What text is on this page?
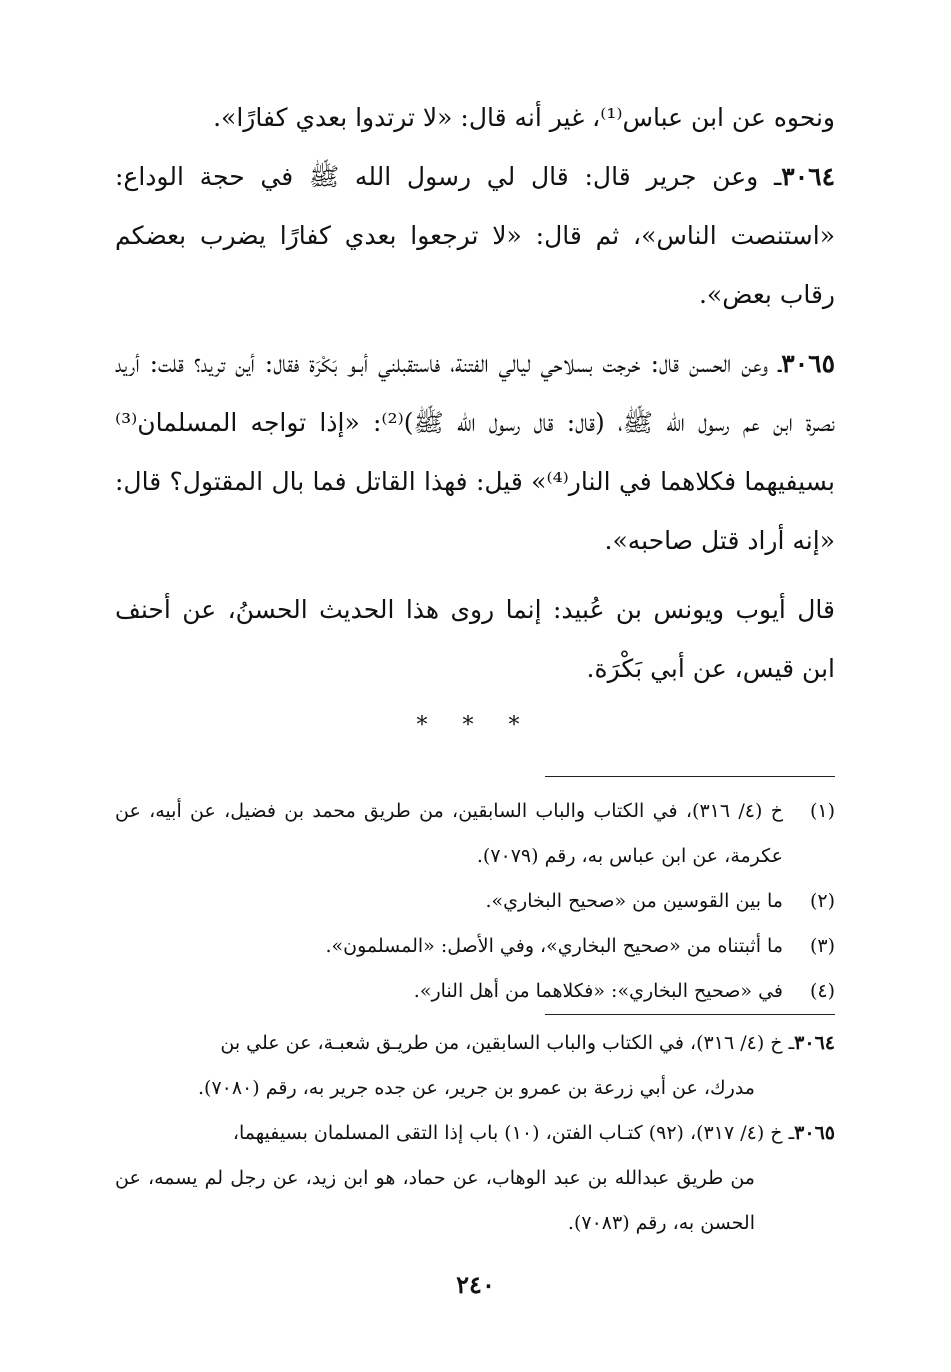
ونحوه عن ابن عباس⁽¹⁾، غير أنه قال: «لا ترتدوا بعدي كفارًا».

٣٠٦٤ـ وعن جرير قال: قال لي رسول الله ﷺ في حجة الوداع: «استنصت الناس»، ثم قال: «لا ترجعوا بعدي كفارًا يضرب بعضكم رقاب بعض».

٣٠٦٥ـ وعن الحسن قال: خرجت بسلاحي ليالي الفتنة، فاستقبلني أبـو بَكْرَة فقال: أين تريد؟ قلت: أريد نصرة ابن عم رسول الله ﷺ، (قال: قال رسول الله ﷺ)⁽²⁾: «إذا تواجه المسلمان⁽³⁾ بسيفيهما فكلاهما في النار⁽⁴⁾» قيل: فهذا القاتل فما بال المقتول؟ قال: «إنه أراد قتل صاحبه».

قال أيوب ويونس بن عُبيد: إنما روى هذا الحديث الحسنُ، عن أحنف ابن قيس، عن أبي بَكْرَة.

* * *

(١)
خ (٤/ ٣١٦)، في الكتاب والباب السابقين، من طريق محمد بن فضيل، عن أبيه، عن عكرمة، عن ابن عباس به، رقم (٧٠٧٩).

(٢)
ما بين القوسين من «صحيح البخاري».

(٣)
ما أثبتناه من «صحيح البخاري»، وفي الأصل: «المسلمون».

(٤)
في «صحيح البخاري»: «فكلاهما من أهل النار».

٣٠٦٤ـ خ (٤/ ٣١٦)، في الكتاب والباب السابقين، من طريـق شعبـة، عن علي بن
مدرك، عن أبي زرعة بن عمرو بن جرير، عن جده جرير به، رقم (٧٠٨٠).

٣٠٦٥ـ خ (٤/ ٣١٧)، (٩٢) كتـاب الفتن، (١٠) باب إذا التقى المسلمان بسيفيهما،
من طريق عبدالله بن عبد الوهاب، عن حماد، هو ابن زيد، عن رجل لم يسمه، عن الحسن به، رقم (٧٠٨٣).

٢٤٠
